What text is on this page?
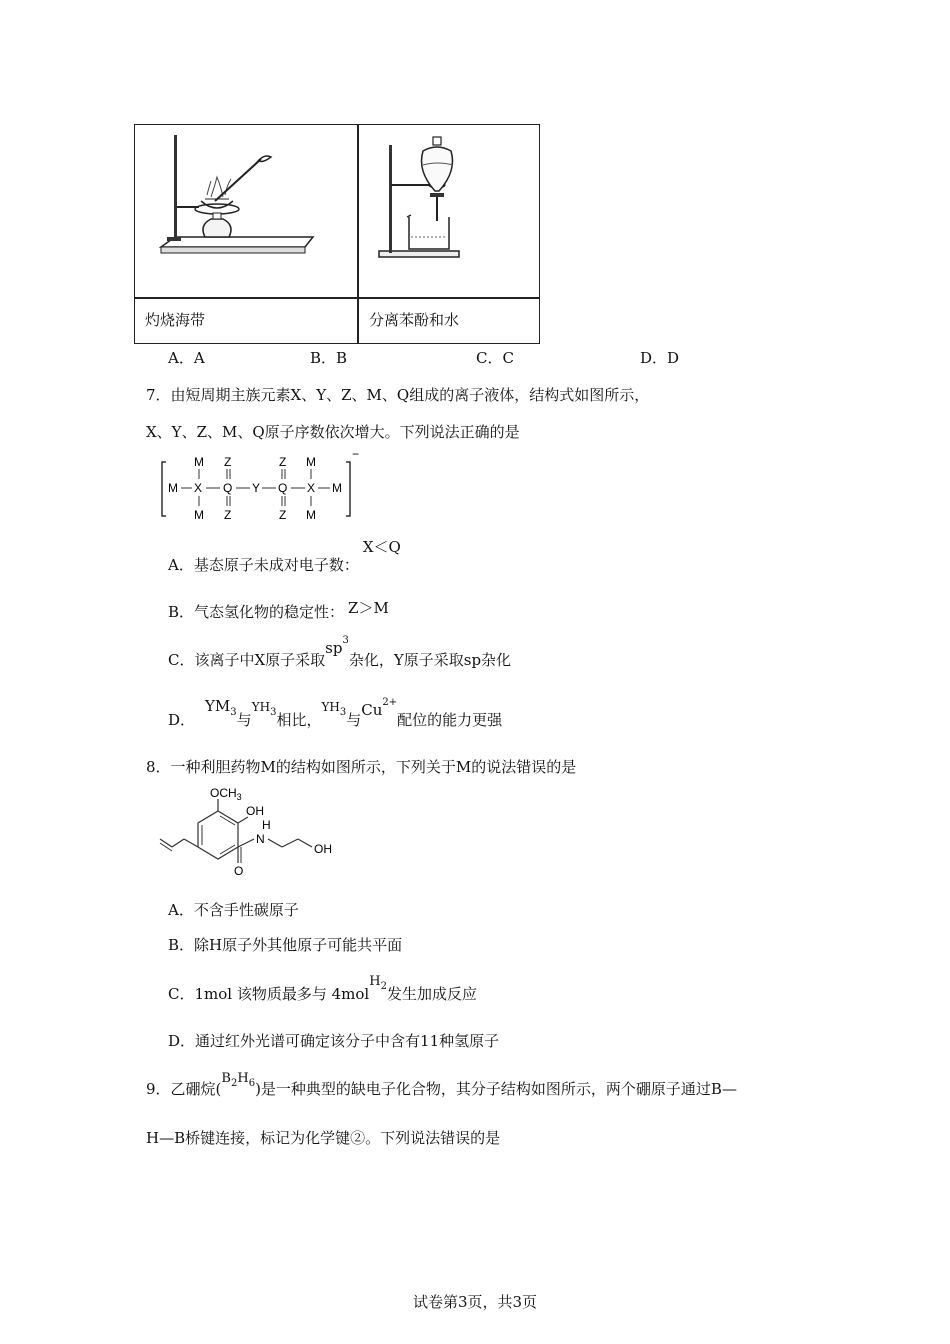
灼烧海带	分离苯酚和水
A．A	B．B	C．C	D．D
7．由短周期主族元素X、Y、Z、M、Q组成的离子液体，结构式如图所示，
X、Y、Z、M、Q原子序数依次增大。下列说法正确的是
M Z	Z M
M X Q Y Q X M
M Z	Z M
−
A．基态原子未成对电子数：X＜Q
B．气态氢化物的稳定性： Z＞M
C．该离子中X原子采取$sp^3$杂化，Y原子采取sp杂化
D．$YM_3$与$^{YH_3}$相比，$^{YH_3}$与$Cu^{2+}$配位的能力更强
8．一种利胆药物M的结构如图所示，下列关于M的说法错误的是
$OCH_3$
OH
O
H
N
OH
A．不含手性碳原子
B．除H原子外其他原子可能共平面
C．1mol 该物质最多与 4molH$_2$发生加成反应
D．通过红外光谱可确定该分子中含有11种氢原子
9．乙硼烷$(B_2H_6)$是一种典型的缺电子化合物，其分子结构如图所示，两个硼原子通过B—
H—B桥键连接，标记为化学键②。下列说法错误的是
试卷第3页，共3页
